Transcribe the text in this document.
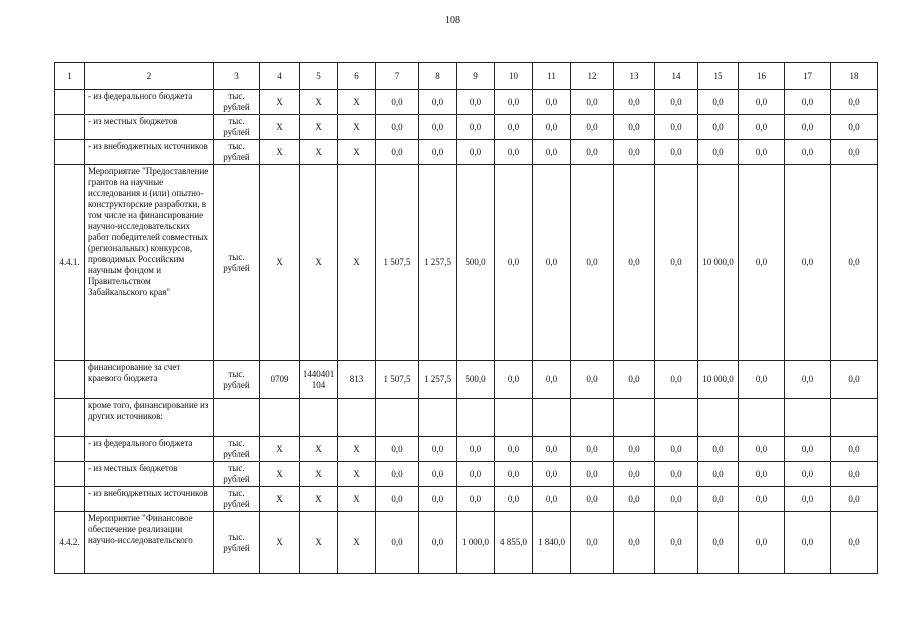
108
1	2	3	4	5	6	7	8	9	10	11	12	13	14	15	16	17	18
	- из федерального бюджета	тыс. рублей	Х	Х	Х	0,0	0,0	0,0	0,0	0,0	0,0	0,0	0,0	0,0	0,0	0,0	0,0
	- из местных бюджетов	тыс. рублей	Х	Х	Х	0,0	0,0	0,0	0,0	0,0	0,0	0,0	0,0	0,0	0,0	0,0	0,0
	- из внебюджетных источников	тыс. рублей	Х	Х	Х	0,0	0,0	0,0	0,0	0,0	0,0	0,0	0,0	0,0	0,0	0,0	0,0
4.4.1.	Мероприятие "Предоставление грантов на научные исследования и (или) опытно-конструкторские разработки, в том числе на финансирование научно-исследовательских работ победителей совместных (региональных) конкурсов, проводимых Российским научным фондом и Правительством Забайкальского края"	тыс. рублей	Х	Х	Х	1 507,5	1 257,5	500,0	0,0	0,0	0,0	0,0	0,0	10 000,0	0,0	0,0	0,0
	финансирование за счет краевого бюджета	тыс. рублей	0709	1440401104	813	1 507,5	1 257,5	500,0	0,0	0,0	0,0	0,0	0,0	10 000,0	0,0	0,0	0,0
	кроме того, финансирование из других источников:																
	- из федерального бюджета	тыс. рублей	Х	Х	Х	0,0	0,0	0,0	0,0	0,0	0,0	0,0	0,0	0,0	0,0	0,0	0,0
	- из местных бюджетов	тыс. рублей	Х	Х	Х	0,0	0,0	0,0	0,0	0,0	0,0	0,0	0,0	0,0	0,0	0,0	0,0
	- из внебюджетных источников	тыс. рублей	Х	Х	Х	0,0	0,0	0,0	0,0	0,0	0,0	0,0	0,0	0,0	0,0	0,0	0,0
4.4.2.	Мероприятие "Финансовое обеспечение реализации научно-исследовательского	тыс. рублей	Х	Х	Х	0,0	0,0	1 000,0	4 855,0	1 840,0	0,0	0,0	0,0	0,0	0,0	0,0	0,0
